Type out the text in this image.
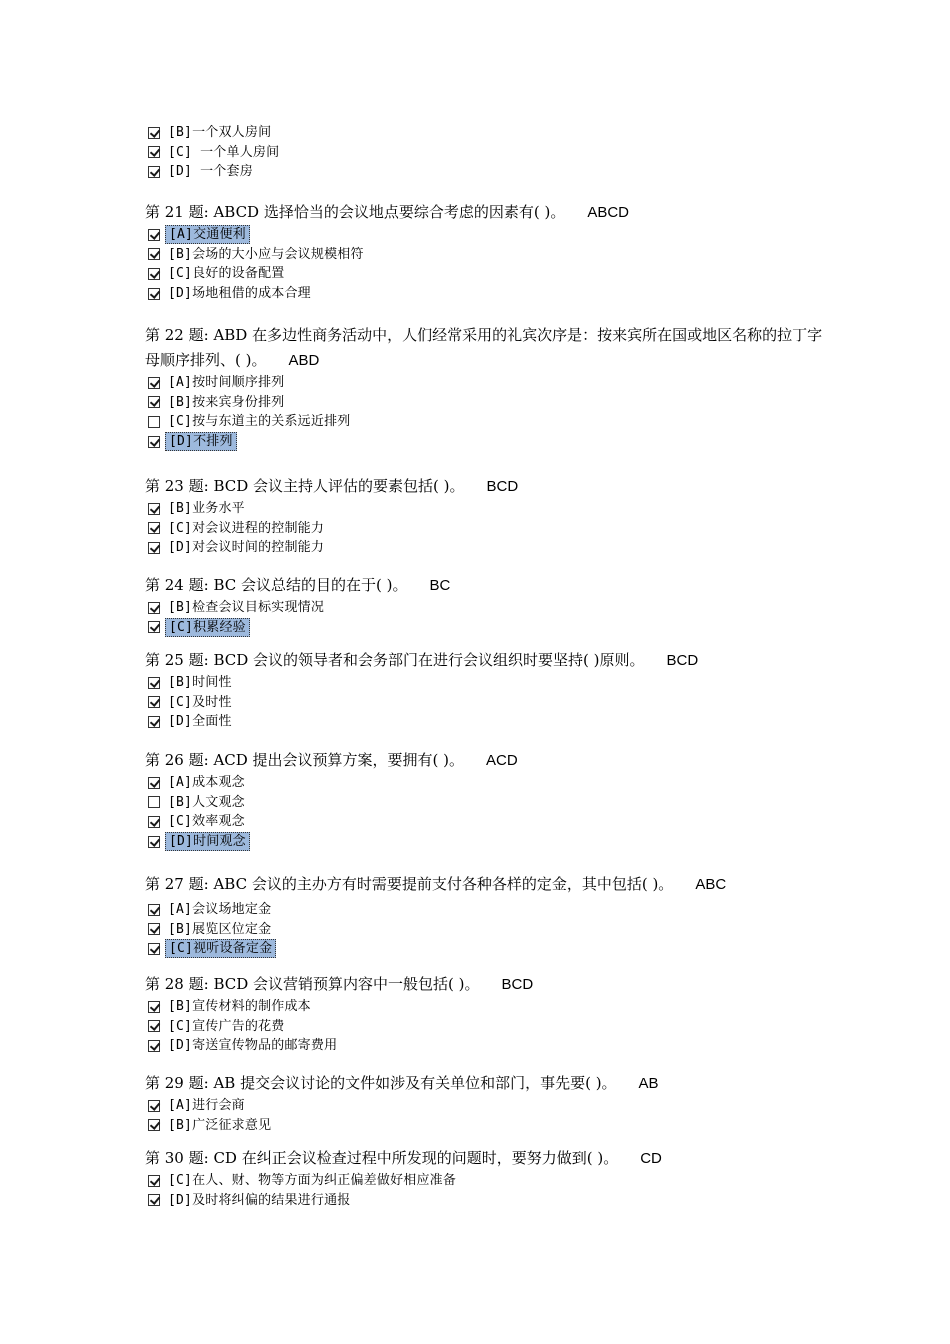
[B]一个双人房间
[C] 一个单人房间
[D] 一个套房
第 21 题: ABCD 选择恰当的会议地点要综合考虑的因素有( )。 ABCD
[A]交通便利
[B]会场的大小应与会议规模相符
[C]良好的设备配置
[D]场地租借的成本合理
第 22 题: ABD 在多边性商务活动中，人们经常采用的礼宾次序是：按来宾所在国或地区名称的拉丁字母顺序排列、( )。 ABD
[A]按时间顺序排列
[B]按来宾身份排列
[C]按与东道主的关系远近排列
[D]不排列
第 23 题: BCD 会议主持人评估的要素包括( )。 BCD
[B]业务水平
[C]对会议进程的控制能力
[D]对会议时间的控制能力
第 24 题: BC 会议总结的目的在于( )。 BC
[B]检查会议目标实现情况
[C]积累经验
第 25 题: BCD 会议的领导者和会务部门在进行会议组织时要坚持( )原则。 BCD
[B]时间性
[C]及时性
[D]全面性
第 26 题: ACD 提出会议预算方案，要拥有( )。 ACD
[A]成本观念
[B]人文观念
[C]效率观念
[D]时间观念
第 27 题: ABC 会议的主办方有时需要提前支付各种各样的定金，其中包括( )。 ABC
[A]会议场地定金
[B]展览区位定金
[C]视听设备定金
第 28 题: BCD 会议营销预算内容中一般包括( )。 BCD
[B]宣传材料的制作成本
[C]宣传广告的花费
[D]寄送宣传物品的邮寄费用
第 29 题: AB 提交会议讨论的文件如涉及有关单位和部门，事先要( )。 AB
[A]进行会商
[B]广泛征求意见
第 30 题: CD 在纠正会议检查过程中所发现的问题时，要努力做到( )。 CD
[C]在人、财、物等方面为纠正偏差做好相应准备
[D]及时将纠偏的结果进行通报
